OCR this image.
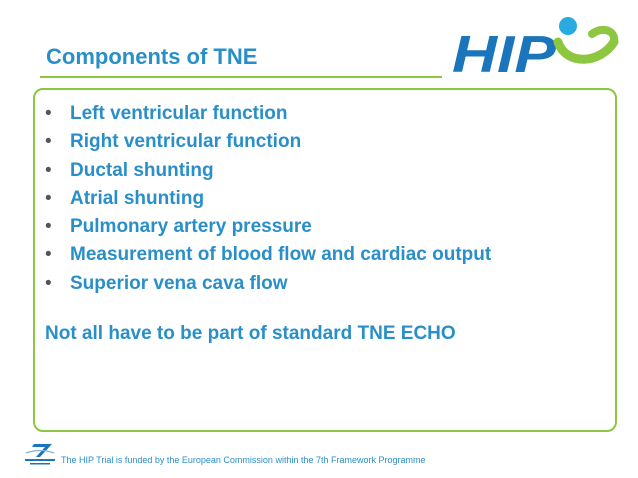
Components of TNE	HIP
• Left ventricular function
• Right ventricular function
• Ductal shunting
• Atrial shunting
• Pulmonary artery pressure
• Measurement of blood flow and cardiac output
• Superior vena cava flow
Not all have to be part of standard TNE ECHO
The HIP Trial is funded by the European Commission within the 7th Framework Programme
